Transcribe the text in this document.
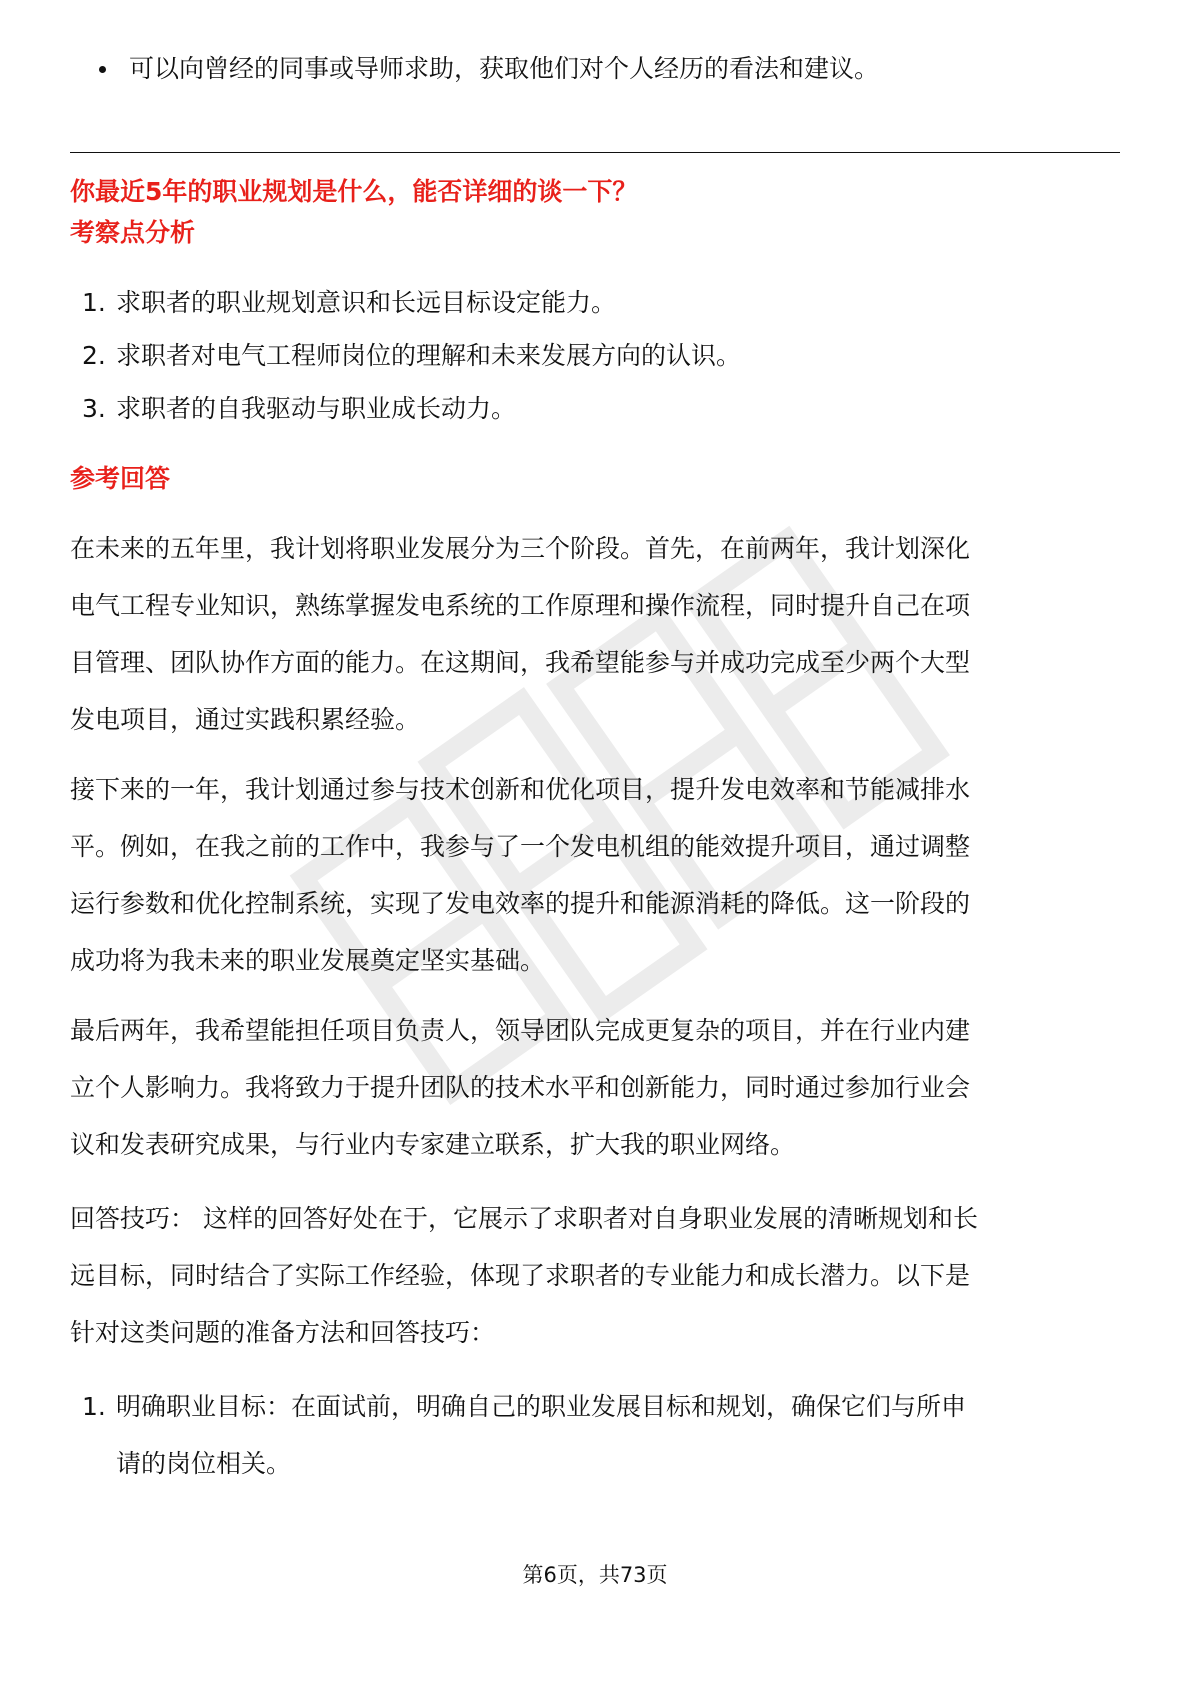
可以向曾经的同事或导师求助，获取他们对个人经历的看法和建议。
你最近5年的职业规划是什么，能否详细的谈一下？
考察点分析
1. 求职者的职业规划意识和长远目标设定能力。
2. 求职者对电气工程师岗位的理解和未来发展方向的认识。
3. 求职者的自我驱动与职业成长动力。
参考回答
在未来的五年里，我计划将职业发展分为三个阶段。首先，在前两年，我计划深化
电气工程专业知识，熟练掌握发电系统的工作原理和操作流程，同时提升自己在项
目管理、团队协作方面的能力。在这期间，我希望能参与并成功完成至少两个大型
发电项目，通过实践积累经验。
接下来的一年，我计划通过参与技术创新和优化项目，提升发电效率和节能减排水
平。例如，在我之前的工作中，我参与了一个发电机组的能效提升项目，通过调整
运行参数和优化控制系统，实现了发电效率的提升和能源消耗的降低。这一阶段的
成功将为我未来的职业发展奠定坚实基础。
最后两年，我希望能担任项目负责人，领导团队完成更复杂的项目，并在行业内建
立个人影响力。我将致力于提升团队的技术水平和创新能力，同时通过参加行业会
议和发表研究成果，与行业内专家建立联系，扩大我的职业网络。
回答技巧： 这样的回答好处在于，它展示了求职者对自身职业发展的清晰规划和长
远目标，同时结合了实际工作经验，体现了求职者的专业能力和成长潜力。以下是
针对这类问题的准备方法和回答技巧：
1. 明确职业目标：在面试前，明确自己的职业发展目标和规划，确保它们与所申
请的岗位相关。
第6页，共73页
